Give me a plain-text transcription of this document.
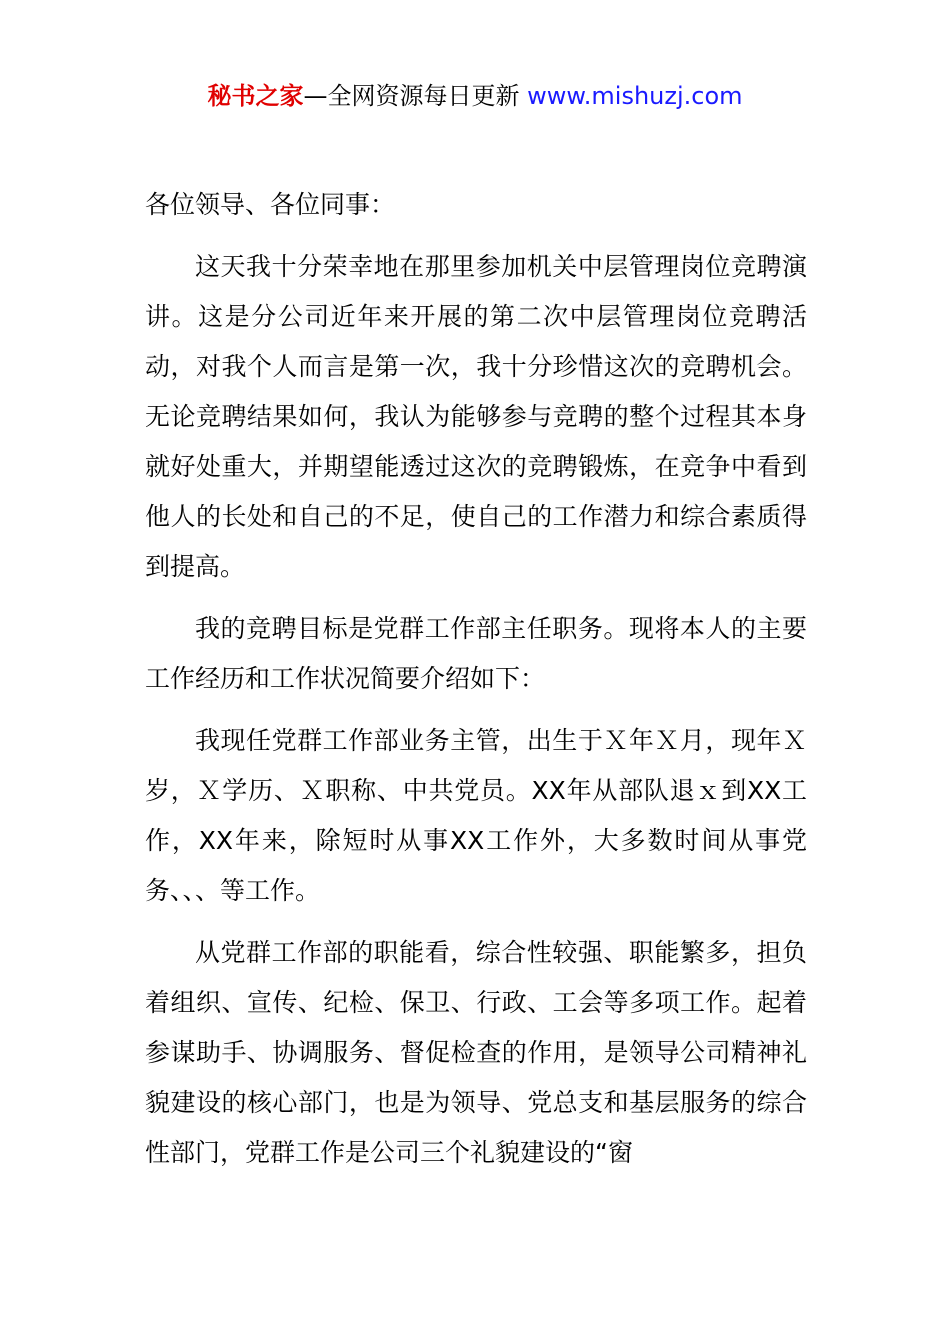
秘书之家—全网资源每日更新 www.mishuzj.com

各位领导、各位同事：

这天我十分荣幸地在那里参加机关中层管理岗位竞聘演讲。这是分公司近年来开展的第二次中层管理岗位竞聘活动，对我个人而言是第一次，我十分珍惜这次的竞聘机会。无论竞聘结果如何，我认为能够参与竞聘的整个过程其本身就好处重大，并期望能透过这次的竞聘锻炼，在竞争中看到他人的长处和自己的不足，使自己的工作潜力和综合素质得到提高。

我的竞聘目标是党群工作部主任职务。现将本人的主要工作经历和工作状况简要介绍如下：

我现任党群工作部业务主管，出生于Ｘ年Ｘ月，现年Ｘ岁，Ｘ学历、Ｘ职称、中共党员。XX年从部队退ｘ到XX工作，XX年来，除短时从事XX工作外，大多数时间从事党务、、、等工作。

从党群工作部的职能看，综合性较强、职能繁多，担负着组织、宣传、纪检、保卫、行政、工会等多项工作。起着参谋助手、协调服务、督促检查的作用，是领导公司精神礼貌建设的核心部门，也是为领导、党总支和基层服务的综合性部门，党群工作是公司三个礼貌建设的“窗
